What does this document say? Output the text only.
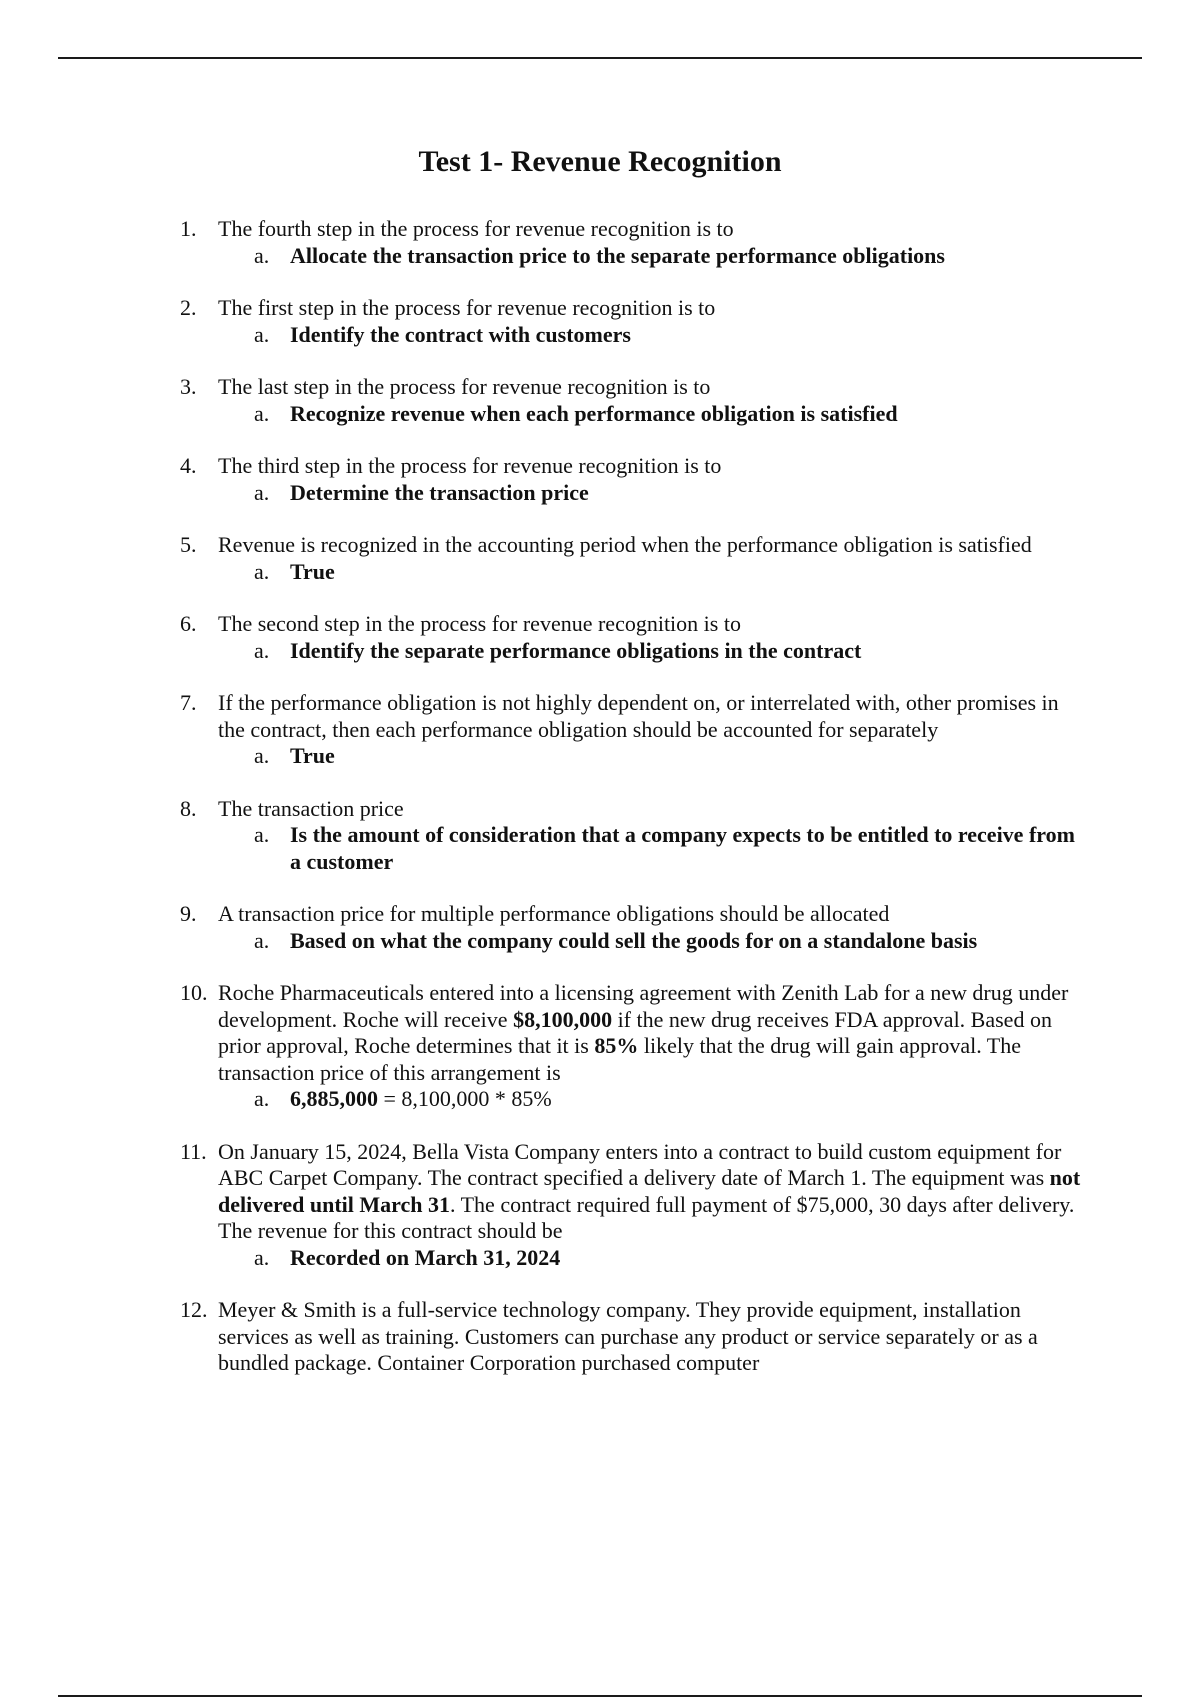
Test 1- Revenue Recognition
1. The fourth step in the process for revenue recognition is to
a. Allocate the transaction price to the separate performance obligations
2. The first step in the process for revenue recognition is to
a. Identify the contract with customers
3. The last step in the process for revenue recognition is to
a. Recognize revenue when each performance obligation is satisfied
4. The third step in the process for revenue recognition is to
a. Determine the transaction price
5. Revenue is recognized in the accounting period when the performance obligation is satisfied
a. True
6. The second step in the process for revenue recognition is to
a. Identify the separate performance obligations in the contract
7. If the performance obligation is not highly dependent on, or interrelated with, other promises in the contract, then each performance obligation should be accounted for separately
a. True
8. The transaction price
a. Is the amount of consideration that a company expects to be entitled to receive from a customer
9. A transaction price for multiple performance obligations should be allocated
a. Based on what the company could sell the goods for on a standalone basis
10. Roche Pharmaceuticals entered into a licensing agreement with Zenith Lab for a new drug under development. Roche will receive $8,100,000 if the new drug receives FDA approval. Based on prior approval, Roche determines that it is 85% likely that the drug will gain approval. The transaction price of this arrangement is
a. 6,885,000 = 8,100,000 * 85%
11. On January 15, 2024, Bella Vista Company enters into a contract to build custom equipment for ABC Carpet Company. The contract specified a delivery date of March 1. The equipment was not delivered until March 31. The contract required full payment of $75,000, 30 days after delivery. The revenue for this contract should be
a. Recorded on March 31, 2024
12. Meyer & Smith is a full-service technology company. They provide equipment, installation services as well as training. Customers can purchase any product or service separately or as a bundled package. Container Corporation purchased computer
